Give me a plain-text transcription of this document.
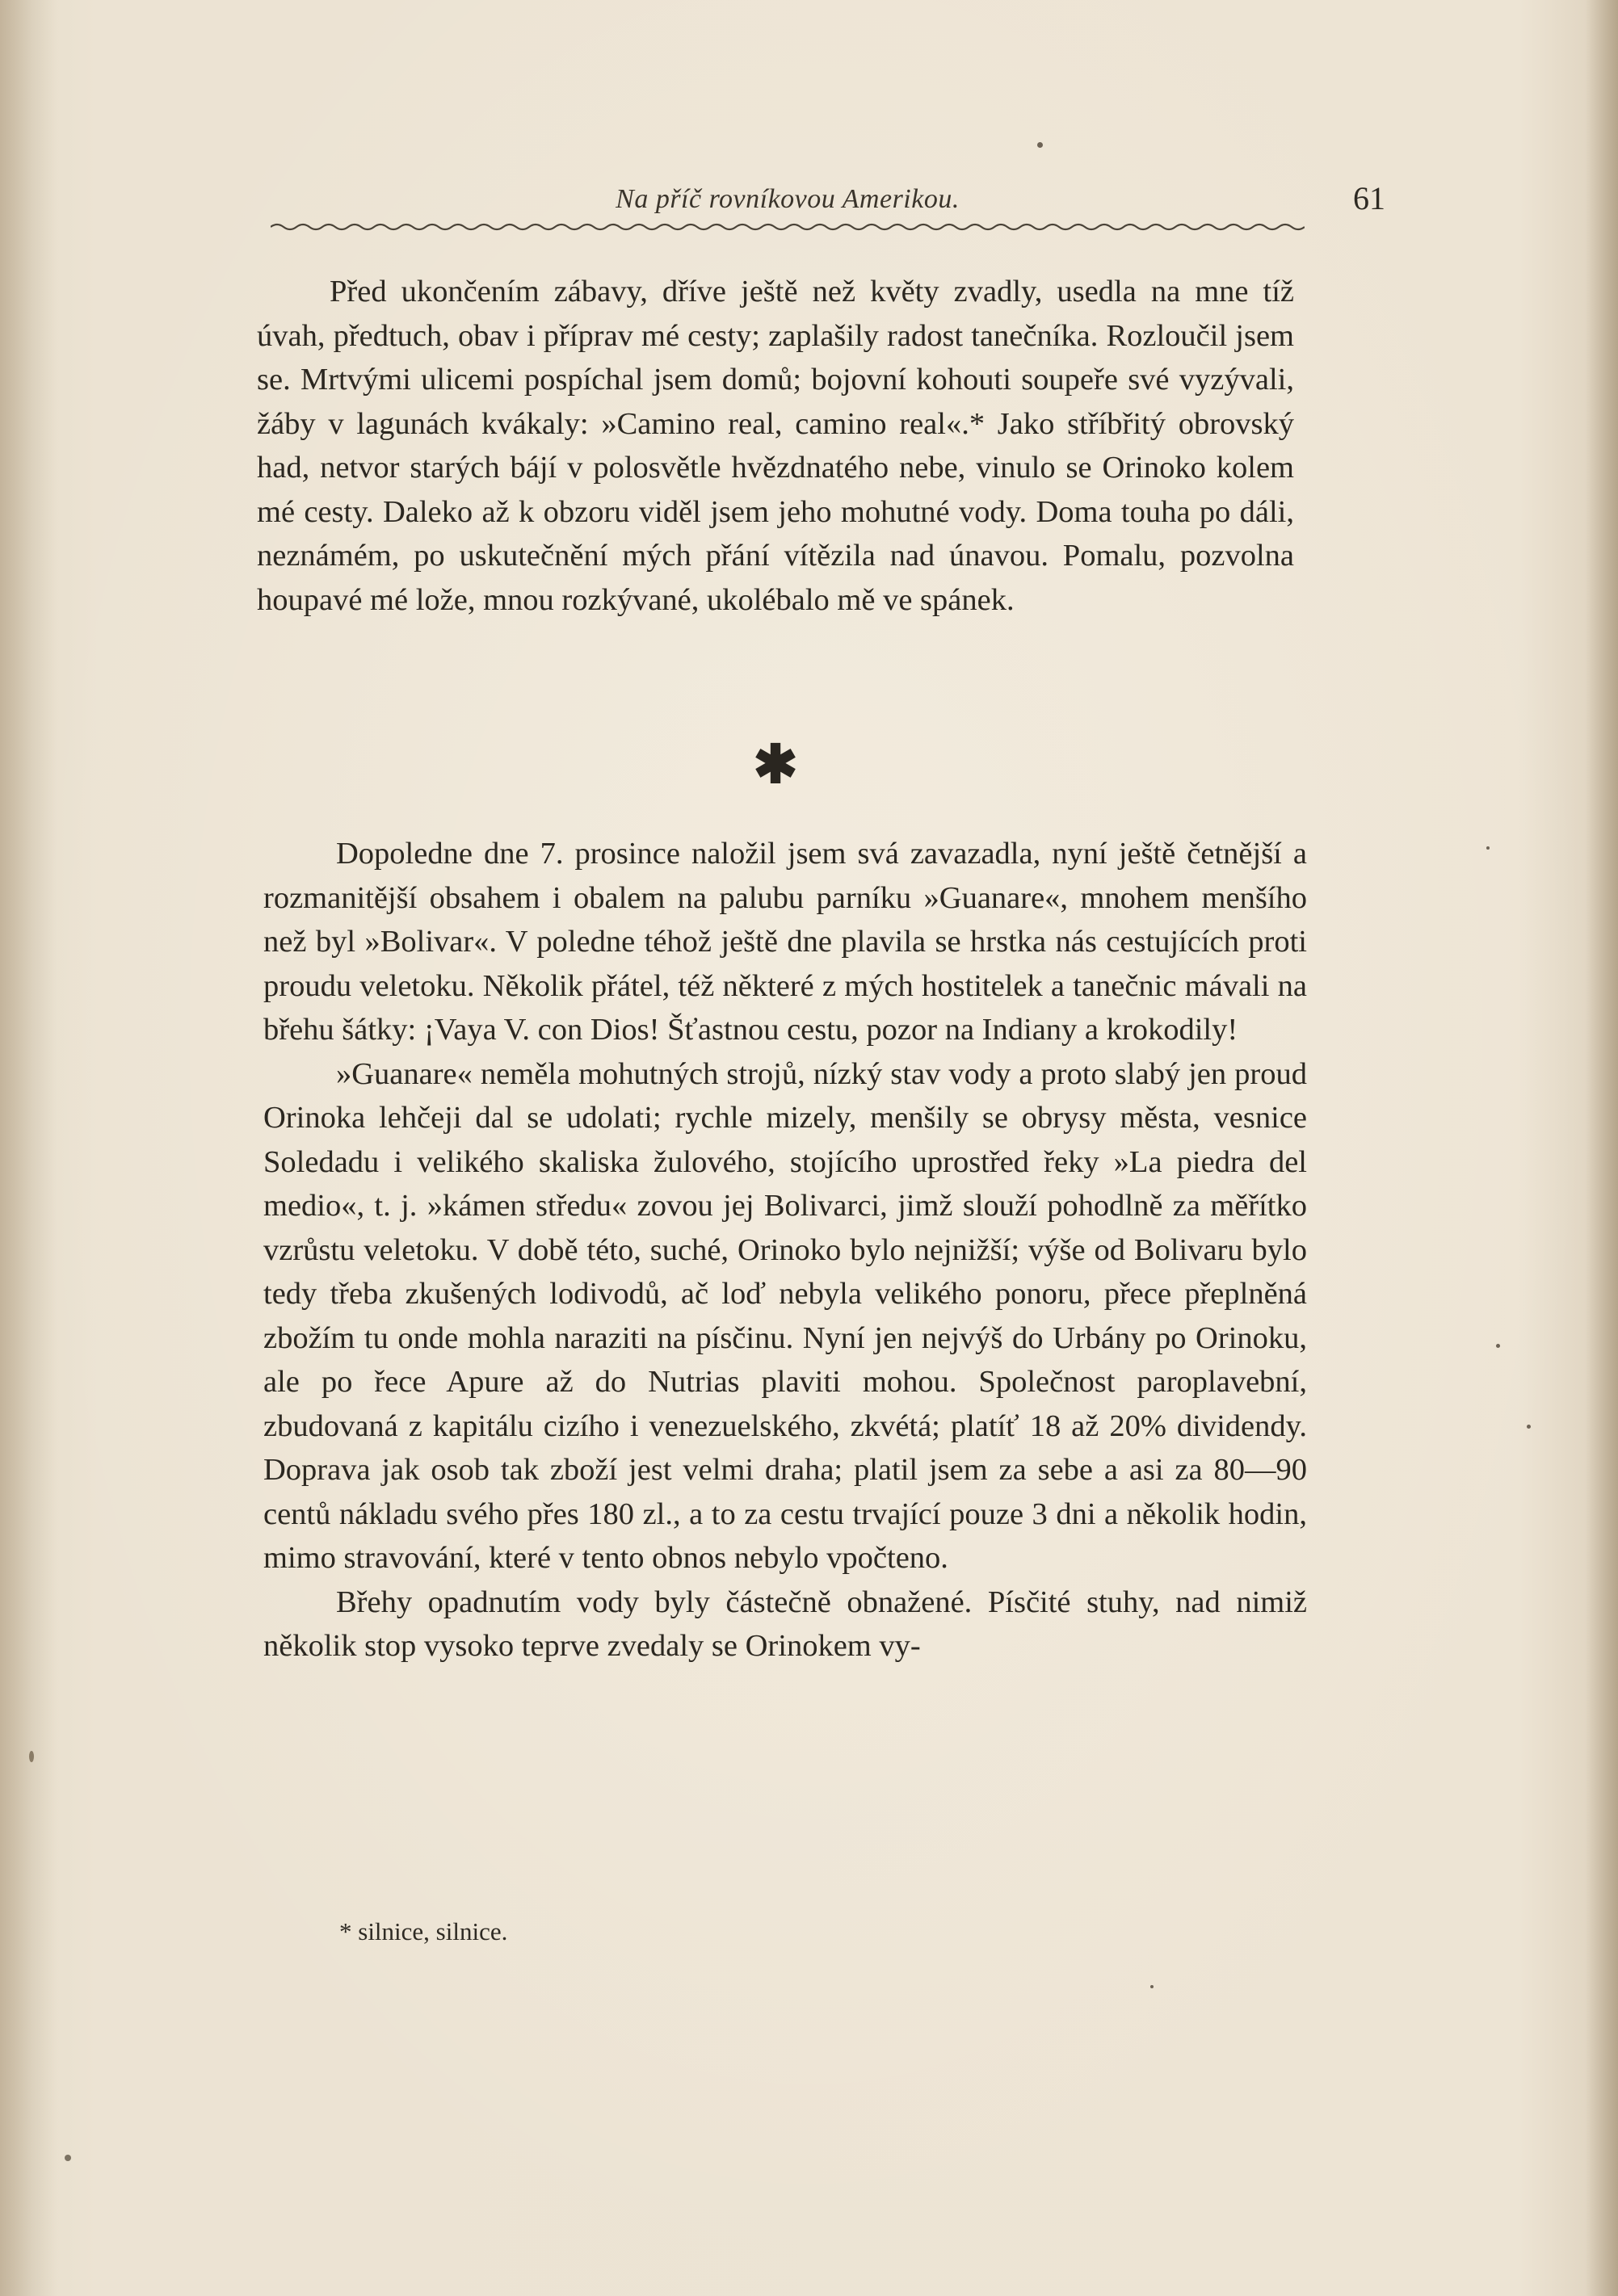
Na příč rovníkovou Amerikou.	61

Před ukončením zábavy, dříve ještě než květy zvadly, usedla na mne tíž úvah, předtuch, obav i příprav mé cesty; zaplašily radost tanečníka. Rozloučil jsem se. Mrtvými ulicemi pospíchal jsem domů; bojovní kohouti soupeře své vyzývali, žáby v lagunách kvákaly: »Camino real, camino real«.* Jako stříbřitý obrovský had, netvor starých bájí v polosvětle hvězdnatého nebe, vinulo se Orinoko kolem mé cesty. Daleko až k obzoru viděl jsem jeho mohutné vody. Doma touha po dáli, neznámém, po uskutečnění mých přání vítězila nad únavou. Pomalu, pozvolna houpavé mé lože, mnou rozkývané, ukolébalo mě ve spánek.

✱

Dopoledne dne 7. prosince naložil jsem svá zavazadla, nyní ještě četnější a rozmanitější obsahem i obalem na palubu parníku »Guanare«, mnohem menšího než byl »Bolivar«. V poledne téhož ještě dne plavila se hrstka nás cestujících proti proudu veletoku. Několik přátel, též některé z mých hostitelek a tanečnic mávali na břehu šátky: ¡Vaya V. con Dios! Šťastnou cestu, pozor na Indiany a krokodily!

»Guanare« neměla mohutných strojů, nízký stav vody a proto slabý jen proud Orinoka lehčeji dal se udolati; rychle mizely, menšily se obrysy města, vesnice Soledadu i velikého skaliska žulového, stojícího uprostřed řeky »La piedra del medio«, t. j. »kámen středu« zovou jej Bolivarci, jimž slouží pohodlně za měřítko vzrůstu veletoku. V době této, suché, Orinoko bylo nejnižší; výše od Bolivaru bylo tedy třeba zkušených lodivodů, ač loď nebyla velikého ponoru, přece přeplněná zbožím tu onde mohla naraziti na písčinu. Nyní jen nejvýš do Urbány po Orinoku, ale po řece Apure až do Nutrias plaviti mohou. Společnost paroplavební, zbudovaná z kapitálu cizího i venezuelského, zkvétá; platíť 18 až 20% dividendy. Doprava jak osob tak zboží jest velmi draha; platil jsem za sebe a asi za 80—90 centů nákladu svého přes 180 zl., a to za cestu trvající pouze 3 dni a několik hodin, mimo stravování, které v tento obnos nebylo vpočteno.

Břehy opadnutím vody byly částečně obnažené. Písčité stuhy, nad nimiž několik stop vysoko teprve zvedaly se Orinokem vy-

* silnice, silnice.
